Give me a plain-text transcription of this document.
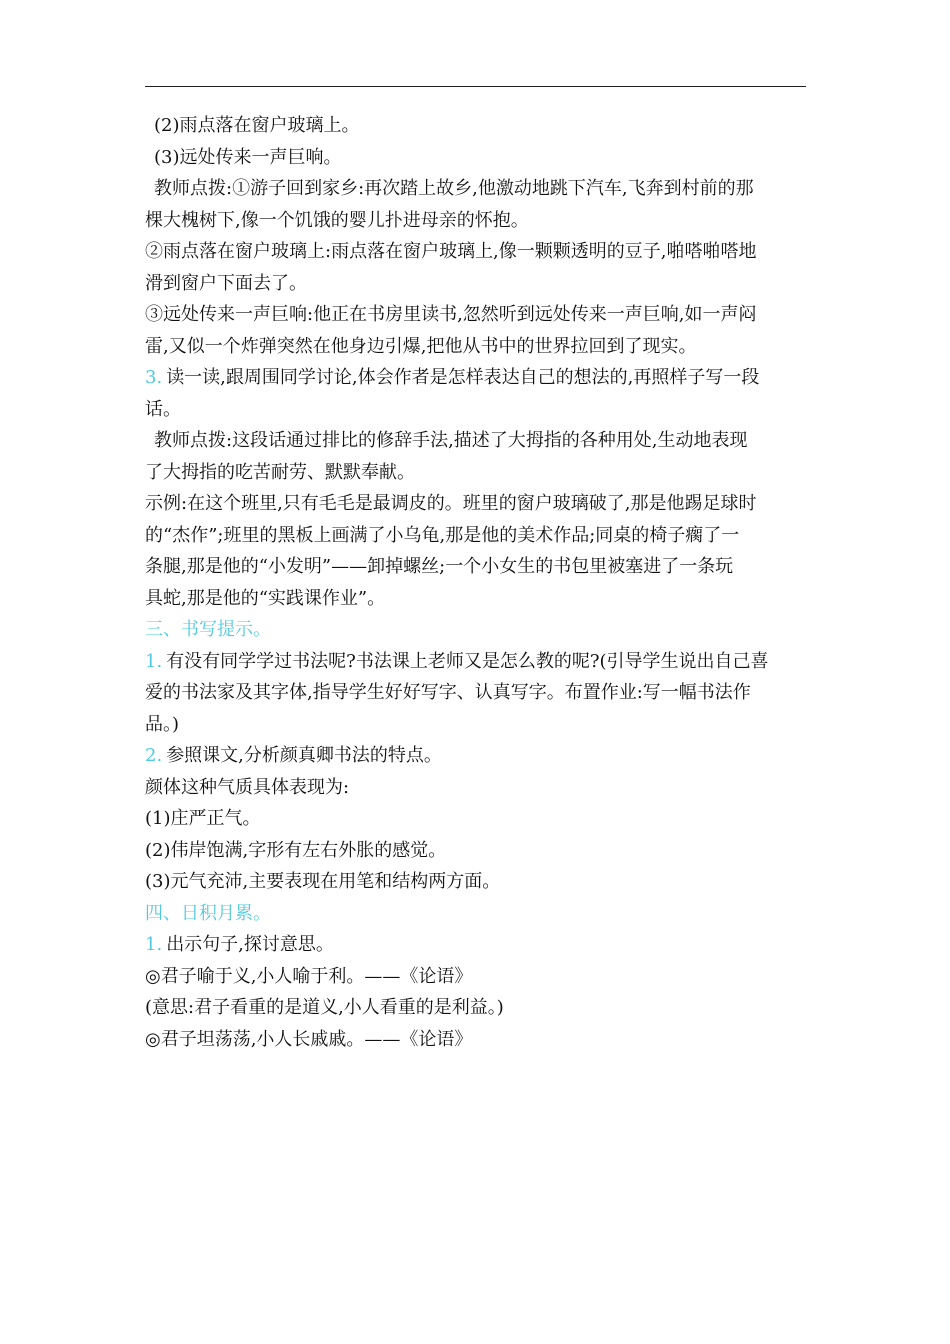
(2)雨点落在窗户玻璃上。
(3)远处传来一声巨响。
教师点拨:①游子回到家乡:再次踏上故乡,他激动地跳下汽车,飞奔到村前的那
棵大槐树下,像一个饥饿的婴儿扑进母亲的怀抱。
②雨点落在窗户玻璃上:雨点落在窗户玻璃上,像一颗颗透明的豆子,啪嗒啪嗒地
滑到窗户下面去了。
③远处传来一声巨响:他正在书房里读书,忽然听到远处传来一声巨响,如一声闷
雷,又似一个炸弹突然在他身边引爆,把他从书中的世界拉回到了现实。
3. 读一读,跟周围同学讨论,体会作者是怎样表达自己的想法的,再照样子写一段
话。
教师点拨:这段话通过排比的修辞手法,描述了大拇指的各种用处,生动地表现
了大拇指的吃苦耐劳、默默奉献。
示例:在这个班里,只有毛毛是最调皮的。班里的窗户玻璃破了,那是他踢足球时
的“杰作”;班里的黑板上画满了小乌龟,那是他的美术作品;同桌的椅子瘸了一
条腿,那是他的“小发明”——卸掉螺丝;一个小女生的书包里被塞进了一条玩
具蛇,那是他的“实践课作业”。
三、书写提示。
1. 有没有同学学过书法呢?书法课上老师又是怎么教的呢?(引导学生说出自己喜
爱的书法家及其字体,指导学生好好写字、认真写字。布置作业:写一幅书法作
品。)
2. 参照课文,分析颜真卿书法的特点。
颜体这种气质具体表现为:
(1)庄严正气。
(2)伟岸饱满,字形有左右外胀的感觉。
(3)元气充沛,主要表现在用笔和结构两方面。
四、日积月累。
1. 出示句子,探讨意思。
◎君子喻于义,小人喻于利。——《论语》
(意思:君子看重的是道义,小人看重的是利益。)
◎君子坦荡荡,小人长戚戚。——《论语》
